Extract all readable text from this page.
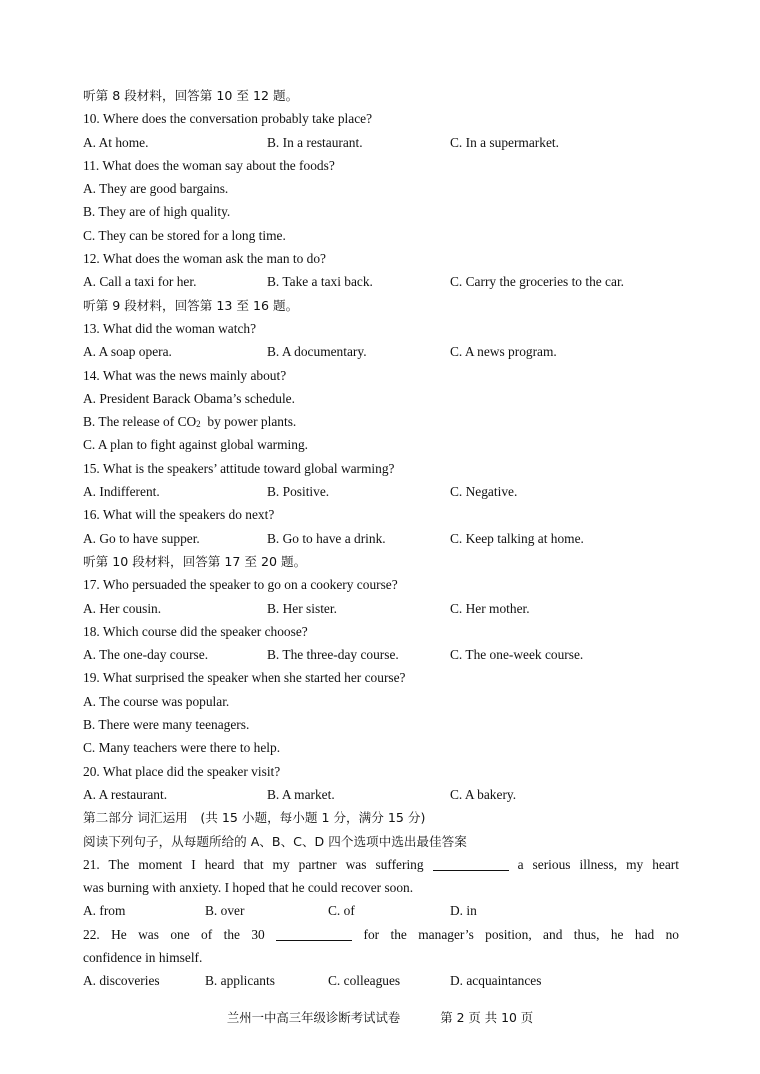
听第 8 段材料，回答第 10 至 12 题。
10. Where does the conversation probably take place?
A. At home.	B. In a restaurant.	C. In a supermarket.
11. What does the woman say about the foods?
A. They are good bargains.
B. They are of high quality.
C. They can be stored for a long time.
12. What does the woman ask the man to do?
A. Call a taxi for her.	B. Take a taxi back.	C. Carry the groceries to the car.
听第 9 段材料，回答第 13 至 16 题。
13. What did the woman watch?
A. A soap opera.	B. A documentary.	C. A news program.
14. What was the news mainly about?
A. President Barack Obama’s schedule.
B. The release of $CO_2$ by power plants.
C. A plan to fight against global warming.
15. What is the speakers’ attitude toward global warming?
A. Indifferent.	B. Positive.	C. Negative.
16. What will the speakers do next?
A. Go to have supper.	B. Go to have a drink.	C. Keep talking at home.
听第 10 段材料，回答第 17 至 20 题。
17. Who persuaded the speaker to go on a cookery course?
A. Her cousin.	B. Her sister.	C. Her mother.
18. Which course did the speaker choose?
A. The one-day course.	B. The three-day course.	C. The one-week course.
19. What surprised the speaker when she started her course?
A. The course was popular.
B. There were many teenagers.
C. Many teachers were there to help.
20. What place did the speaker visit?
A. A restaurant.	B. A market.	C. A bakery.
第二部分 词汇运用　(共 15 小题，每小题 1 分，满分 15 分)
阅读下列句子，从每题所给的 A、B、C、D 四个选项中选出最佳答案
21. The moment I heard that my partner was suffering	a serious illness, my heart
was burning with anxiety. I hoped that he could recover soon.
A. from	B. over	C. of	D. in
22. He was one of the 30	for the manager’s position, and thus, he had no
confidence in himself.
A. discoveries	B. applicants	C. colleagues	D. acquaintances
兰州一中高三年级诊断考试试卷	第 2 页 共 10 页
